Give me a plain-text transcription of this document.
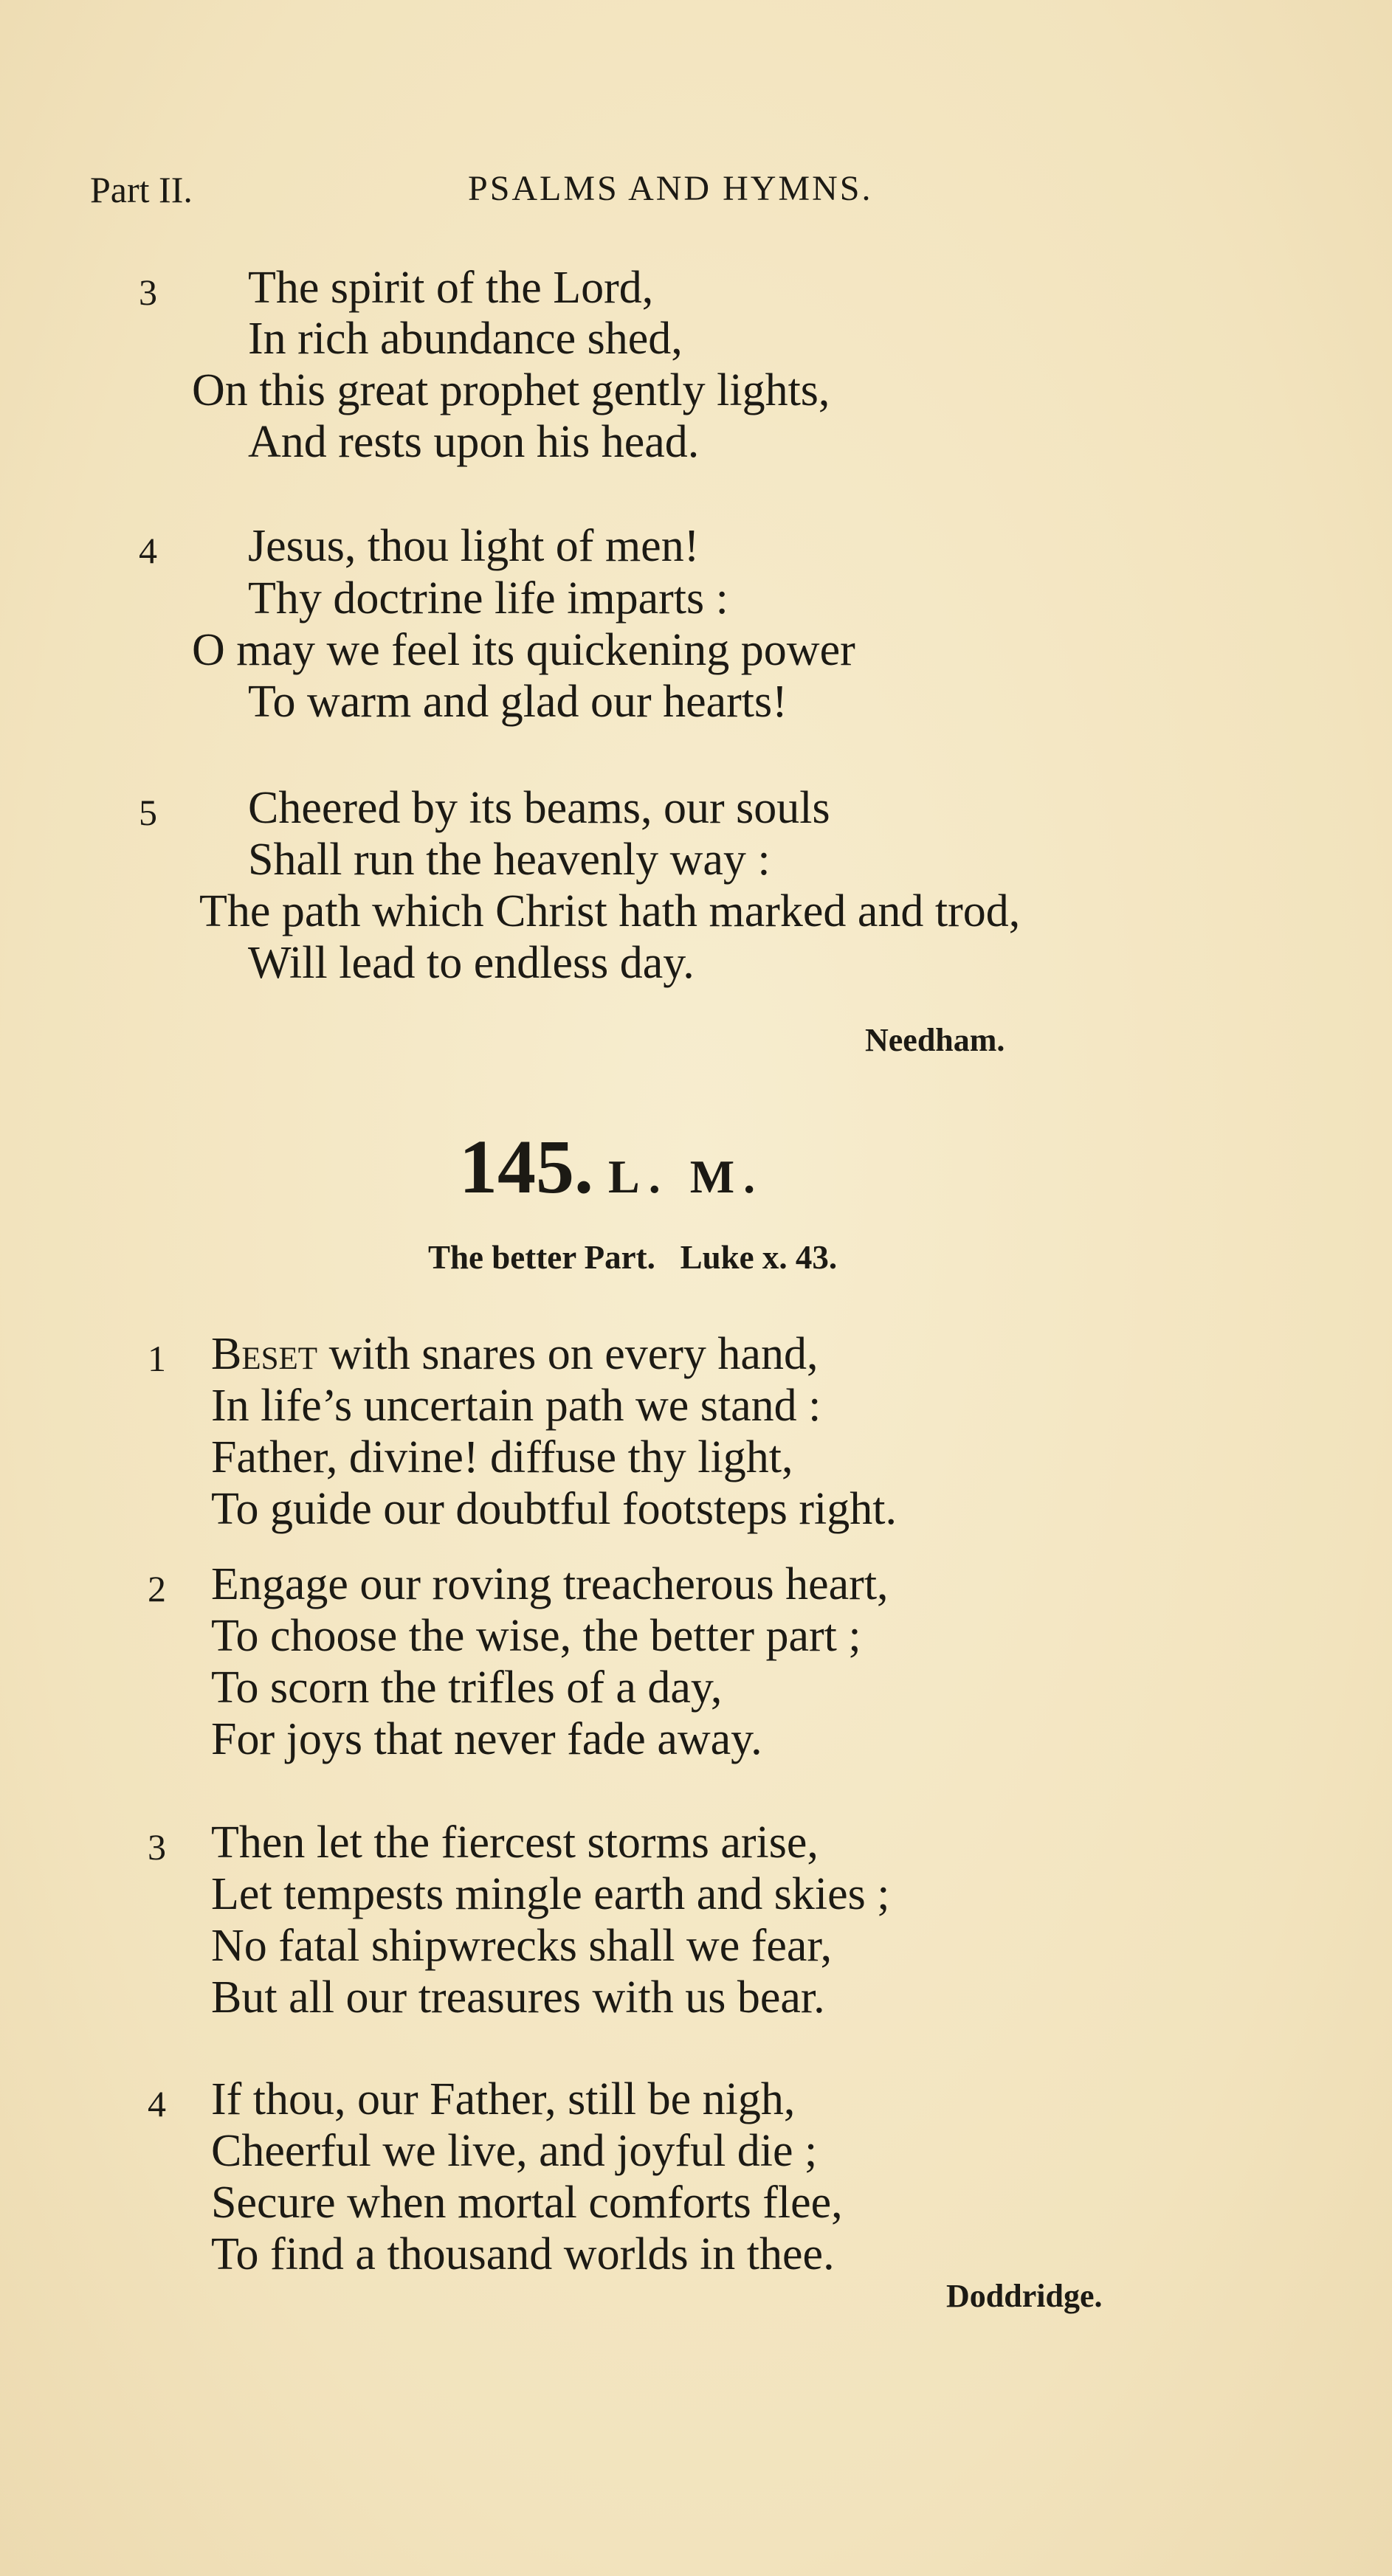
Part II.	PSALMS AND HYMNS.
3 The spirit of the Lord,
In rich abundance shed,
On this great prophet gently lights,
And rests upon his head.
4 Jesus, thou light of men!
Thy doctrine life imparts :
O may we feel its quickening power
To warm and glad our hearts!
5 Cheered by its beams, our souls
Shall run the heavenly way :
The path which Christ hath marked and trod,
Will lead to endless day.
Needham.
145. L. M.
The better Part.   Luke x. 43.
1 Beset with snares on every hand,
In life’s uncertain path we stand :
Father, divine! diffuse thy light,
To guide our doubtful footsteps right.
2 Engage our roving treacherous heart,
To choose the wise, the better part ;
To scorn the trifles of a day,
For joys that never fade away.
3 Then let the fiercest storms arise,
Let tempests mingle earth and skies ;
No fatal shipwrecks shall we fear,
But all our treasures with us bear.
4 If thou, our Father, still be nigh,
Cheerful we live, and joyful die ;
Secure when mortal comforts flee,
To find a thousand worlds in thee.
Doddridge.
